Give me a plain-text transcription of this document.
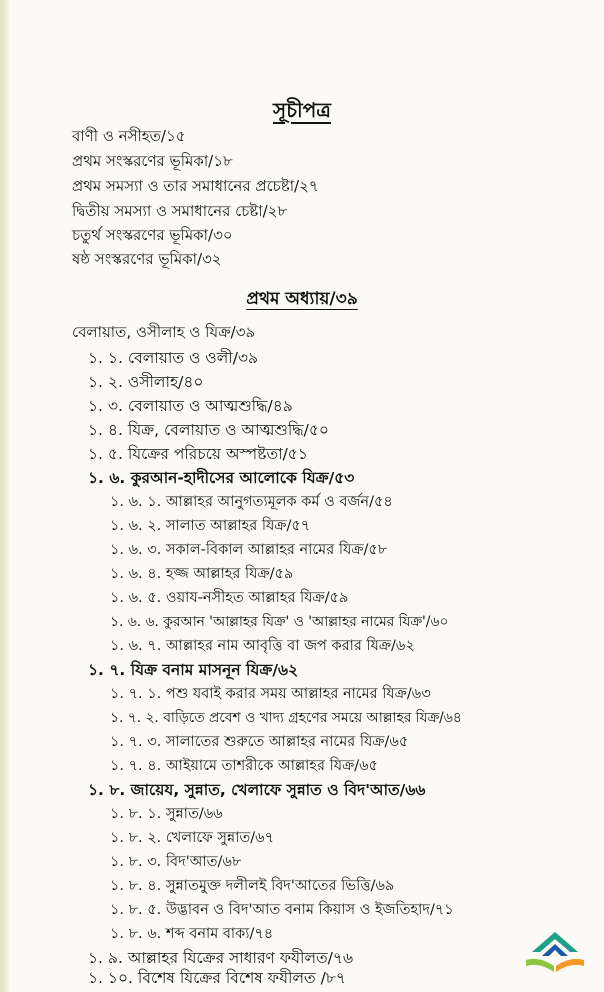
সূচীপত্র
বাণী ও নসীহত/১৫
প্রথম সংস্করণের ভূমিকা/১৮
প্রথম সমস্যা ও তার সমাধানের প্রচেষ্টা/২৭
দ্বিতীয় সমস্যা ও সমাধানের চেষ্টা/২৮
চতুর্থ সংস্করণের ভূমিকা/৩০
ষষ্ঠ সংস্করণের ভূমিকা/৩২
প্রথম অধ্যায়/৩৯
বেলায়াত, ওসীলাহ ও যিক্র/৩৯
১. ১. বেলায়াত ও ওলী/৩৯
১. ২. ওসীলাহ/৪০
১. ৩. বেলায়াত ও আত্মশুদ্ধি/৪৯
১. ৪. যিক্র, বেলায়াত ও আত্মশুদ্ধি/৫০
১. ৫. যিক্রের পরিচয়ে অস্পষ্টতা/৫১
১. ৬. কুরআন-হাদীসের আলোকে যিক্র/৫৩
১. ৬. ১. আল্লাহর আনুগত্যমূলক কর্ম ও বর্জন/৫৪
১. ৬. ২. সালাত আল্লাহর যিক্র/৫৭
১. ৬. ৩. সকাল-বিকাল আল্লাহর নামের যিক্র/৫৮
১. ৬. ৪. হজ্জ আল্লাহর যিক্র/৫৯
১. ৬. ৫. ওয়ায-নসীহত আল্লাহর যিক্র/৫৯
১. ৬. ৬. কুরআন 'আল্লাহর যিক্র' ও 'আল্লাহর নামের যিক্র'/৬০
১. ৬. ৭. আল্লাহর নাম আবৃত্তি বা জপ করার যিক্র/৬২
১. ৭. যিক্র বনাম মাসনূন যিক্র/৬২
১. ৭. ১. পশু যবাই করার সময় আল্লাহর নামের যিক্র/৬৩
১. ৭. ২. বাড়িতে প্রবেশ ও খাদ্য গ্রহণের সময়ে আল্লাহর যিক্র/৬৪
১. ৭. ৩. সালাতের শুরুতে আল্লাহর নামের যিক্র/৬৫
১. ৭. ৪. আইয়ামে তাশরীকে আল্লাহর যিক্র/৬৫
১. ৮. জায়েয, সুন্নাত, খেলাফে সুন্নাত ও বিদ'আত/৬৬
১. ৮. ১. সুন্নাত/৬৬
১. ৮. ২. খেলাফে সুন্নাত/৬৭
১. ৮. ৩. বিদ'আত/৬৮
১. ৮. ৪. সুন্নাতমুক্ত দলীলই বিদ'আতের ভিত্তি/৬৯
১. ৮. ৫. উদ্ভাবন ও বিদ'আত বনাম কিয়াস ও ইজতিহাদ/৭১
১. ৮. ৬. শব্দ বনাম বাক্য/৭৪
১. ৯. আল্লাহর যিক্রের সাধারণ ফযীলত/৭৬
১. ১০. বিশেষ যিক্রের বিশেষ ফযীলত /৮৭
